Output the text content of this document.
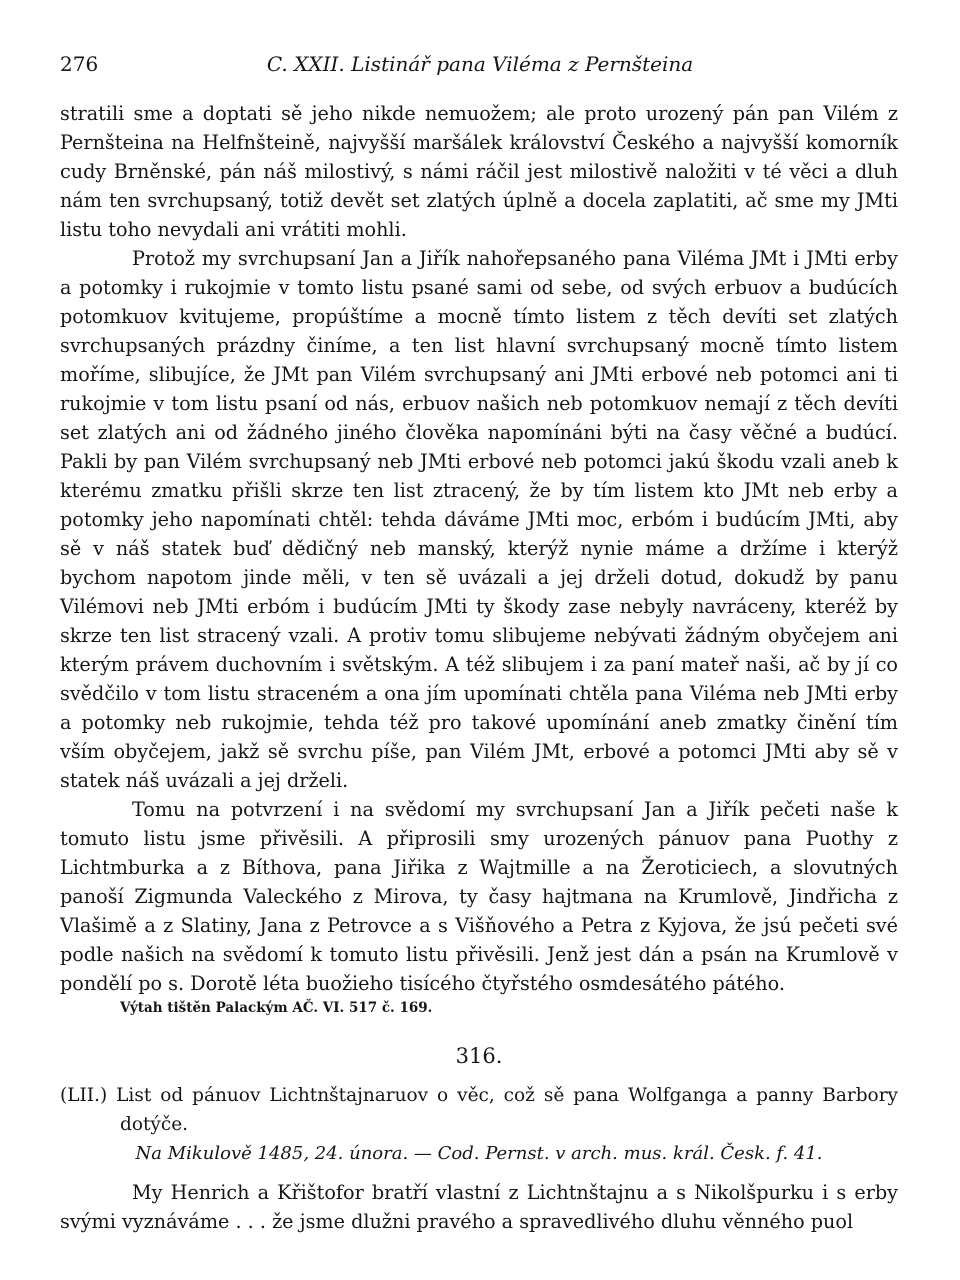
276	C. XXII. Listinář pana Viléma z Pernšteina

stratili sme a doptati sě jeho nikde nemuožem; ale proto urozený pán pan Vilém z Pernšteina na Helfnšteině, najvyšší maršálek království Českého a najvyšší komorník cudy Brněnské, pán náš milostivý, s námi ráčil jest milostivě naložiti v té věci a dluh nám ten svrchupsaný, totiž devět set zlatých úplně a docela zaplatiti, ač sme my JMti listu toho nevydali ani vrátiti mohli.

Protož my svrchupsaní Jan a Jiřík nahořepsaného pana Viléma JMt i JMti erby a potomky i rukojmie v tomto listu psané sami od sebe, od svých erbuov a budúcích potomkuov kvitujeme, propúštíme a mocně tímto listem z těch devíti set zlatých svrchupsaných prázdny činíme, a ten list hlavní svrchupsaný mocně tímto listem moříme, slibujíce, že JMt pan Vilém svrchupsaný ani JMti erbové neb potomci ani ti rukojmie v tom listu psaní od nás, erbuov našich neb potomkuov nemají z těch devíti set zlatých ani od žádného jiného člověka napomínáni býti na časy věčné a budúcí. Pakli by pan Vilém svrchupsaný neb JMti erbové neb potomci jakú škodu vzali aneb k kterému zmatku přišli skrze ten list ztracený, že by tím listem kto JMt neb erby a potomky jeho napomínati chtěl: tehda dáváme JMti moc, erbóm i budúcím JMti, aby sě v náš statek buď dědičný neb manský, kterýž nynie máme a držíme i kterýž bychom napotom jinde měli, v ten sě uvázali a jej drželi dotud, dokudž by panu Vilémovi neb JMti erbóm i budúcím JMti ty škody zase nebyly navráceny, kteréž by skrze ten list stracený vzali. A protiv tomu slibujeme nebývati žádným obyčejem ani kterým právem duchovním i světským. A též slibujem i za paní mateř naši, ač by jí co svědčilo v tom listu straceném a ona jím upomínati chtěla pana Viléma neb JMti erby a potomky neb rukojmie, tehda též pro takové upomínání aneb zmatky činění tím vším obyčejem, jakž sě svrchu píše, pan Vilém JMt, erbové a potomci JMti aby sě v statek náš uvázali a jej drželi.

Tomu na potvrzení i na svědomí my svrchupsaní Jan a Jiřík pečeti naše k tomuto listu jsme přivěsili. A připrosili smy urozených pánuov pana Puothy z Lichtmburka a z Bíthova, pana Jiřika z Wajtmille a na Žeroticiech, a slovutných panoší Zigmunda Valeckého z Mirova, ty časy hajtmana na Krumlově, Jindřicha z Vlašimě a z Slatiny, Jana z Petrovce a s Višňového a Petra z Kyjova, že jsú pečeti své podle našich na svědomí k tomuto listu přivěsili. Jenž jest dán a psán na Krumlově v pondělí po s. Dorotě léta buožieho tisícého čtyřstého osmdesátého pátého.

Výtah tištěn Palackým AČ. VI. 517 č. 169.

316.

(LII.) List od pánuov Lichtnštajnaruov o věc, což sě pana Wolfganga a panny Barbory dotýče.

Na Mikulově 1485, 24. února. — Cod. Pernst. v arch. mus. král. Česk. f. 41.

My Henrich a Křištofor bratří vlastní z Lichtnštajnu a s Nikolšpurku i s erby svými vyznáváme . . . že jsme dlužni pravého a spravedlivého dluhu věnného puol
